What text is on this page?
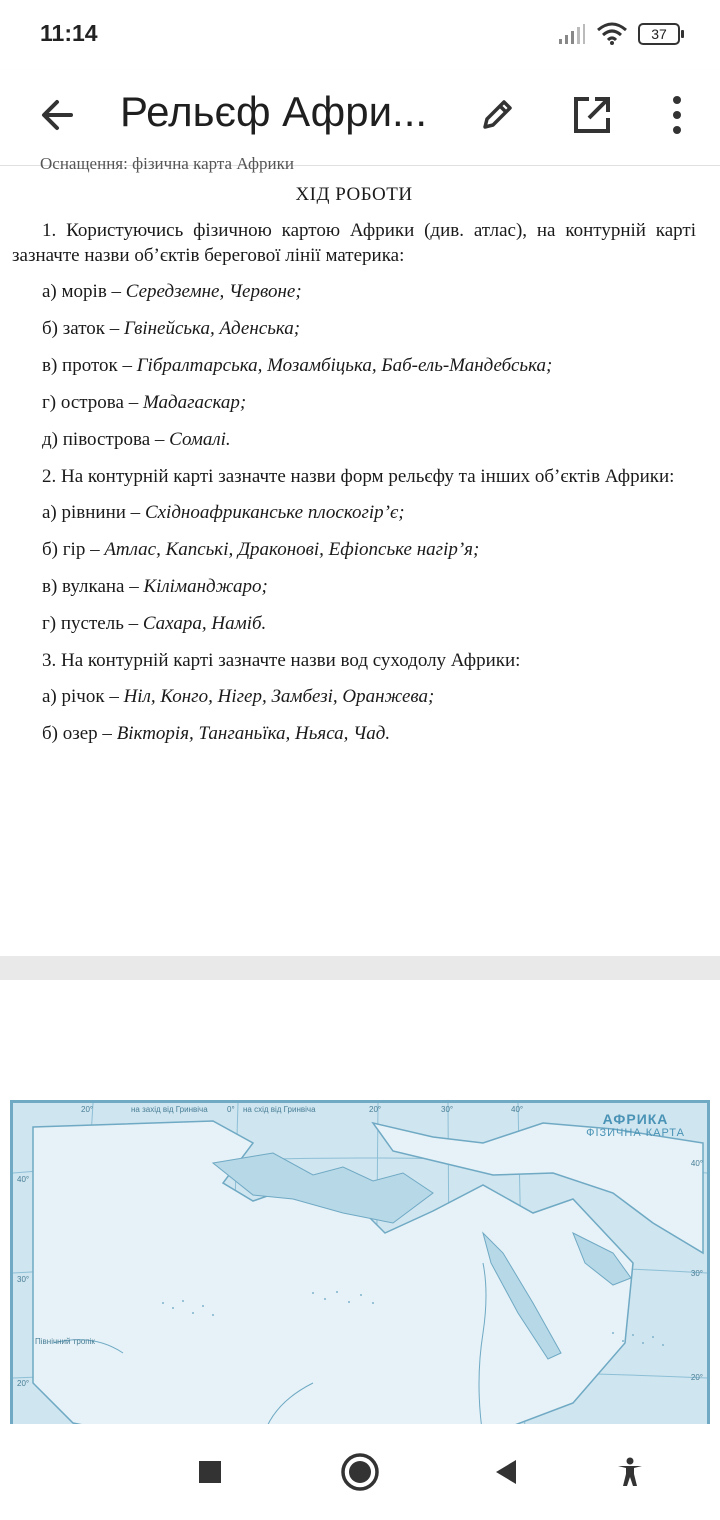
11:14	37
Рельєф Афри...
Оснащення: фізична карта Африки
ХІД РОБОТИ
1. Користуючись фізичною картою Африки (див. атлас), на контурній карті зазначте назви об’єктів берегової лінії материка:
а) морів – Середземне, Червоне;
б) заток – Гвінейська, Аденська;
в) проток – Гібралтарська, Мозамбіцька, Баб-ель-Мандебська;
г) острова – Мадагаскар;
д) півострова – Сомалі.
2. На контурній карті зазначте назви форм рельєфу та інших об’єктів Африки:
а) рівнини – Східноафриканське плоскогір’є;
б) гір – Атлас, Капські, Драконові, Ефіопське нагір’я;
в) вулкана – Кіліманджаро;
г) пустель – Сахара, Наміб.
3. На контурній карті зазначте назви вод суходолу Африки:
а) річок – Ніл, Конго, Нігер, Замбезі, Оранжева;
б) озер – Вікторія, Танганьїка, Ньяса, Чад.
АФРИКА
ФІЗИЧНА КАРТА
20°	на захід від Гринвіча 0° на схід від Гринвіча	20°	30°	40°
40°
30°
20°
40°
30°
20°
Північний тропік
